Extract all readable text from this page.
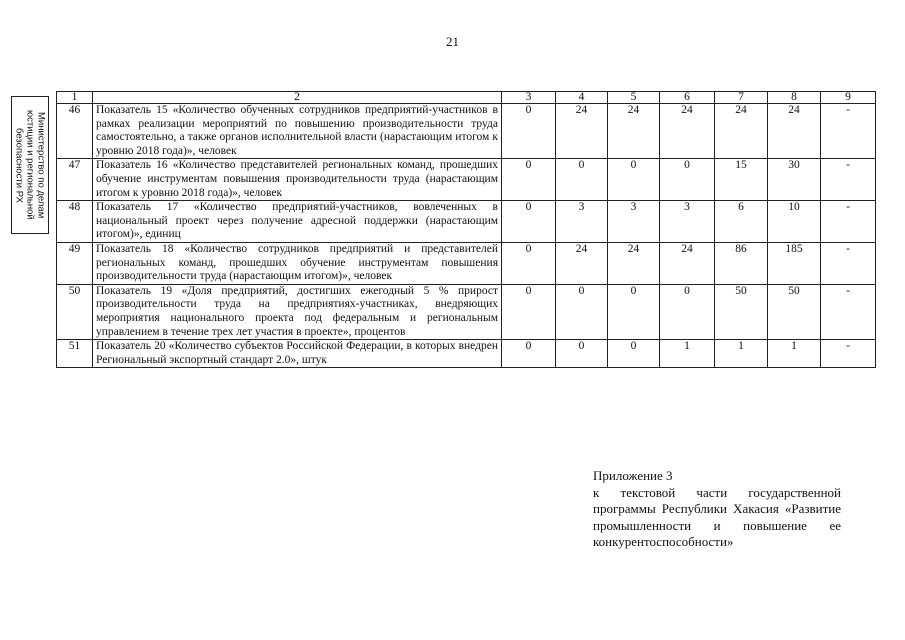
21
Министерство по делам
юстиции и региональной
безопасности РХ
1	2	3	4	5	6	7	8	9
46	Показатель 15 «Количество обученных сотрудников предприятий-участников в рамках реализации мероприятий по повышению производительности труда самостоятельно, а также органов исполнительной власти (нарастающим итогом к уровню 2018 года)», человек	0	24	24	24	24	24	-
47	Показатель 16 «Количество представителей региональных команд, прошедших обучение инструментам повышения производительности труда (нарастающим итогом к уровню 2018 года)», человек	0	0	0	0	15	30	-
48	Показатель 17 «Количество предприятий-участников, вовлеченных в национальный проект через получение адресной поддержки (нарастающим итогом)», единиц	0	3	3	3	6	10	-
49	Показатель 18 «Количество сотрудников предприятий и представителей региональных команд, прошедших обучение инструментам повышения производительности труда (нарастающим итогом)», человек	0	24	24	24	86	185	-
50	Показатель 19 «Доля предприятий, достигших ежегодный 5 % прирост производительности труда на предприятиях-участниках, внедряющих мероприятия национального проекта под федеральным и региональным управлением в течение трех лет участия в проекте», процентов	0	0	0	0	50	50	-
51	Показатель 20 «Количество субъектов Российской Федерации, в которых внедрен Региональный экспортный стандарт 2.0», штук	0	0	0	1	1	1	-

Приложение 3

к текстовой части государственной программы Республики Хакасия «Развитие промышленности и повышение ее конкурентоспособности»
